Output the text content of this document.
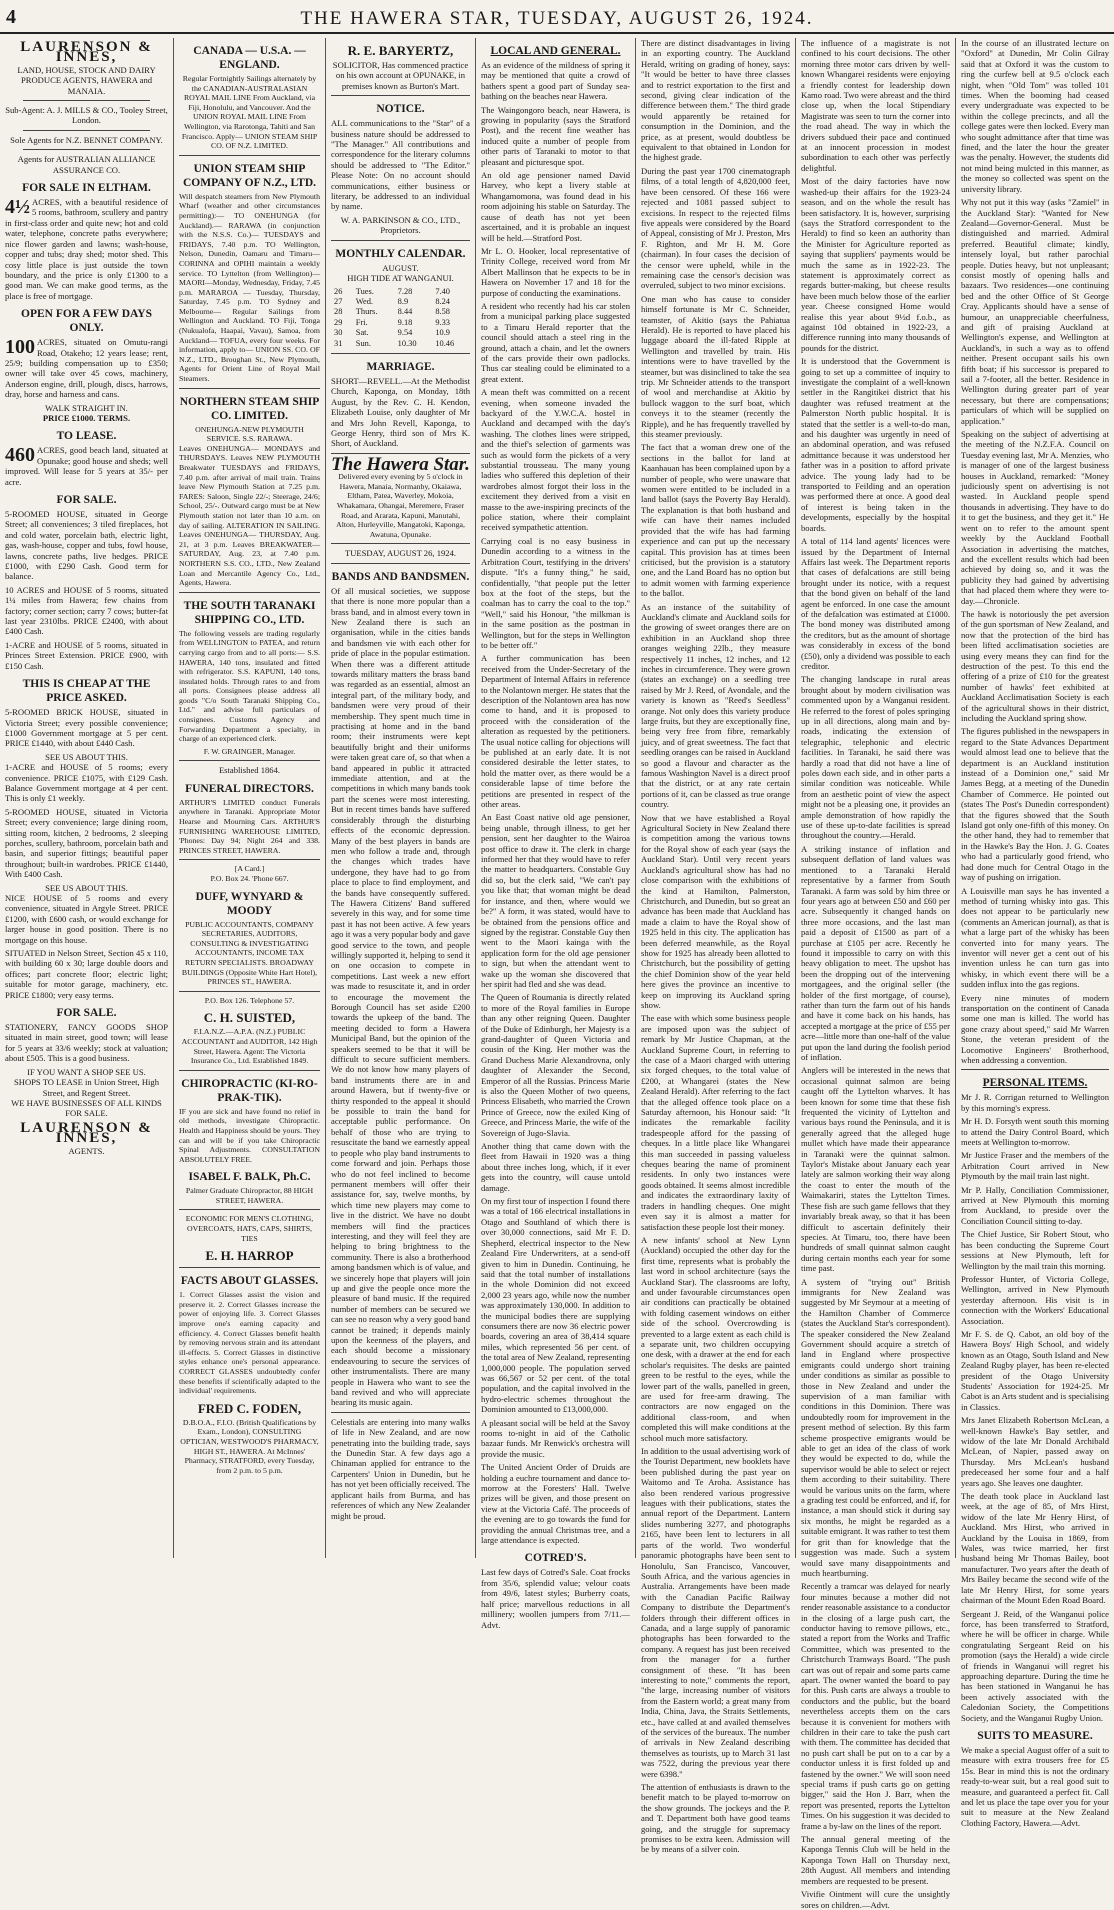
4	THE HAWERA STAR, TUESDAY, AUGUST 26, 1924.
LAURENSON & INNES,
LAND, HOUSE, STOCK AND DAIRY PRODUCE AGENTS, HAWERA and MANAIA.
Sub-Agent: A. J. MILLS & CO., Tooley Street, London.
Sole Agents for N.Z. BENNET COMPANY.
Agents for AUSTRALIAN ALLIANCE ASSURANCE CO.
FOR SALE IN ELTHAM.

4½ ACRES, with a beautiful residence of 5 rooms, bathroom, scullery and pantry in first-class order and quite new; hot and cold water, telephone, concrete paths everywhere; nice flower garden and lawns; wash-house, copper and tubs; dray shed; motor shed. This cosy little place is just outside the town boundary, and the price is only £1300 to a good man. We can make good terms, as the place is free of mortgage.

OPEN FOR A FEW DAYS ONLY.

100 ACRES, situated on Omutu-rangi Road, Otakeho; 12 years lease; rent, 25/9; building compensation up to £350; owner will take over 45 cows, machinery, Anderson engine, drill, plough, discs, harrows, dray, horse and harness and cans.

WALK STRAIGHT IN.
PRICE £1000. TERMS.
TO LEASE.

460 ACRES, good beach land, situated at Opunake; good house and sheds; well improved. Will lease for 5 years at 35/- per acre.

FOR SALE.

5-ROOMED HOUSE, situated in George Street; all conveniences; 3 tiled fireplaces, hot and cold water, porcelain bath, electric light, gas, wash-house, copper and tubs, fowl house, lawns, concrete paths, live hedges. PRICE £1000, with £290 Cash. Good term for balance.

10 ACRES and HOUSE of 5 rooms, situated 1¼ miles from Hawera; few chains from factory; corner section; carry 7 cows; butter-fat last year 2310lbs. PRICE £2400, with about £400 Cash.

1-ACRE and HOUSE of 5 rooms, situated in Princes Street Extension. PRICE £900, with £150 Cash.

THIS IS CHEAP AT THE PRICE ASKED.

5-ROOMED BRICK HOUSE, situated in Victoria Street; every possible convenience; £1000 Government mortgage at 5 per cent. PRICE £1440, with about £440 Cash.

SEE US ABOUT THIS.

1-ACRE and HOUSE of 5 rooms; every convenience. PRICE £1075, with £129 Cash. Balance Government mortgage at 4 per cent. This is only £1 weekly.

5-ROOMED HOUSE, situated in Victoria Street; every convenience; large dining room, sitting room, kitchen, 2 bedrooms, 2 sleeping porches, scullery, bathroom, porcelain bath and basin, and superior fittings; beautiful paper throughout; built-in wardrobes. PRICE £1440, With £400 Cash.

SEE US ABOUT THIS.

NICE HOUSE of 5 rooms and every convenience, situated in Argyle Street. PRICE £1200, with £600 cash, or would exchange for larger house in good position. There is no mortgage on this house.

SITUATED in Nelson Street, Section 45 x 110, with building 60 x 30; large double doors and offices; part concrete floor; electric light; suitable for motor garage, machinery, etc. PRICE £1800; very easy terms.

FOR SALE.

STATIONERY, FANCY GOODS SHOP situated in main street, good town; will lease for 5 years at 33/6 weekly; stock at valuation; about £505. This is a good business.

IF YOU WANT A SHOP SEE US.
SHOPS TO LEASE in Union Street, High Street, and Regent Street.
WE HAVE BUSINESSES OF ALL KINDS FOR SALE.
LAURENSON & INNES,
AGENTS.
CANADA — U.S.A. — ENGLAND.
Regular Fortnightly Sailings alternately by the CANADIAN-AUSTRALASIAN ROYAL MAIL LINE From Auckland, via Fiji, Honolulu, and Vancouver. And the UNION ROYAL MAIL LINE From Wellington, via Rarotonga, Tahiti and San Francisco. Apply— UNION STEAM SHIP CO. OF N.Z. LIMITED.
UNION STEAM SHIP COMPANY OF N.Z., LTD.

Will despatch steamers from New Plymouth Wharf (weather and other circumstances permitting):— TO ONEHUNGA (for Auckland).— RARAWA (in conjunction with the N.S.S. Co.)— TUESDAYS and FRIDAYS, 7.40 p.m. TO Wellington, Nelson, Dunedin, Oamaru and Timaru— CORINNA and OPIHI maintain a weekly service. TO Lyttelton (from Wellington)— MAORI—Monday, Wednesday, Friday, 7.45 p.m. MARAROA — Tuesday, Thursday, Saturday, 7.45 p.m. TO Sydney and Melbourne— Regular Sailings from Wellington and Auckland. TO Fiji, Tonga (Nukualofa, Haapai, Vavau), Samoa, from Auckland— TOFUA, every four weeks. For information, apply to— UNION SS. CO. OF N.Z., LTD., Broughan St., New Plymouth, Agents for Orient Line of Royal Mail Steamers.

NORTHERN STEAM SHIP CO. LIMITED.
ONEHUNGA-NEW PLYMOUTH SERVICE. S.S. RARAWA.

Leaves ONEHUNGA— MONDAYS and THURSDAYS. Leaves NEW PLYMOUTH Breakwater TUESDAYS and FRIDAYS, 7.40 p.m. after arrival of mail train. Trains leave New Plymouth Station at 7.25 p.m. FARES: Saloon, Single 22/-; Steerage, 24/6; School, 25/-. Outward cargo must be at New Plymouth station not later than 10 a.m. on day of sailing. ALTERATION IN SAILING. Leaves ONEHUNGA— THURSDAY, Aug. 21, at 3 p.m. Leaves BREAKWATER— SATURDAY, Aug. 23, at 7.40 p.m. NORTHERN S.S. CO., LTD., New Zealand Loan and Mercantile Agency Co., Ltd., Agents, Hawera.

THE SOUTH TARANAKI SHIPPING CO., LTD.

The following vessels are trading regularly from WELLINGTON to PATEA, and return carrying cargo from and to all ports:— S.S. HAWERA, 140 tons, insulated and fitted with refrigerator. S.S. KAPUNI, 140 tons, insulated holds. Through rates to and from all ports. Consignees please address all goods "C/o South Taranaki Shipping Co., Ltd." and advise full particulars of consignees. Customs Agency and Forwarding Department a specialty, in charge of an experienced clerk.

F. W. GRAINGER, Manager.
Established 1864.
FUNERAL DIRECTORS.

ARTHUR'S LIMITED conduct Funerals anywhere in Taranaki. Appropriate Motor Hearse and Mourning Cars. ARTHUR'S FURNISHING WAREHOUSE LIMITED, 'Phones: Day 94; Night 264 and 338. PRINCES STREET, HAWERA.

[A Card.]
P.O. Box 24. 'Phone 667.
DUFF, WYNYARD & MOODY
PUBLIC ACCOUNTANTS, COMPANY SECRETARIES, AUDITORS, CONSULTING & INVESTIGATING ACCOUNTANTS, INCOME TAX RETURN SPECIALISTS. BROADWAY BUILDINGS (Opposite White Hart Hotel), PRINCES ST., HAWERA.
P.O. Box 126. Telephone 57.
C. H. SUISTED,
F.I.A.N.Z.—A.P.A. (N.Z.) PUBLIC ACCOUNTANT and AUDITOR, 142 High Street, Hawera. Agent: The Victoria Insurance Co., Ltd. Established 1849.
CHIROPRACTIC (KI-RO-PRAK-TIK).

IF you are sick and have found no relief in old methods, investigate Chiropractic. Health and Happiness should be yours. They can and will be if you take Chiropractic Spinal Adjustments. CONSULTATION ABSOLUTELY FREE.

ISABEL F. BALK, Ph.C.
Palmer Graduate Chiropractor, 88 HIGH STREET, HAWERA.
ECONOMIC FOR MEN'S CLOTHING, OVERCOATS, HATS, CAPS, SHIRTS, TIES
E. H. HARROP
FACTS ABOUT GLASSES.

1. Correct Glasses assist the vision and preserve it. 2. Correct Glasses increase the power of enjoying life. 3. Correct Glasses improve one's earning capacity and efficiency. 4. Correct Glasses benefit health by removing nervous strain and its attendant ill-effects. 5. Correct Glasses in distinctive styles enhance one's personal appearance. CORRECT GLASSES undoubtedly confer these benefits if scientifically adapted to the individual' requirements.

FRED C. FODEN,
D.B.O.A., F.I.O. (British Qualifications by Exam., London), CONSULTING OPTICIAN, WESTWOOD'S PHARMACY, HIGH ST., HAWERA. At McInnes' Pharmacy, STRATFORD, every Tuesday, from 2 p.m. to 5 p.m.
R. E. BARYERTZ,
SOLICITOR, Has commenced practice on his own account at OPUNAKE, in premises known as Burton's Mart.
NOTICE.

ALL communications to the "Star" of a business nature should be addressed to "The Manager." All contributions and correspondence for the literary columns should be addressed to "The Editor." Please Note: On no account should communications, either business or literary, be addressed to an individual by name.

W. A. PARKINSON & CO., LTD., Proprietors.
MONTHLY CALENDAR.
AUGUST.
HIGH TIDE AT WANGANUI.
26	Tues.	7.28	7.40
27	Wed.	8.9	8.24
28	Thurs.	8.44	8.58
29	Fri.	9.18	9.33
30	Sat.	9.54	10.9
31	Sun.	10.30	10.46
MARRIAGE.

SHORT—REVELL.—At the Methodist Church, Kaponga, on Monday, 18th August, by the Rev. C. H. Kendon, Elizabeth Louise, only daughter of Mr and Mrs John Revell, Kaponga, to George Henry, third son of Mrs K. Short, of Auckland.

The Hawera Star.
Delivered every evening by 5 o'clock in Hawera, Manaia, Normanby, Okaiawa, Eltham, Patea, Waverley, Mokoia, Whakamara, Ohangai, Meremere, Fraser Road, and Ararata, Kapuni, Manutahi, Alton, Hurleyville, Mangatoki, Kaponga, Awatuna, Opunake.
TUESDAY, AUGUST 26, 1924.
BANDS AND BANDSMEN.

Of all musical societies, we suppose that there is none more popular than a brass band, and in almost every town in New Zealand there is such an organisation, while in the cities bands and bandsmen vie with each other for pride of place in the popular estimation. When there was a different attitude towards military matters the brass band was regarded as an essential, almost an integral part, of the military body, and bandsmen were very proud of their membership. They spent much time in practising at home and in the band room; their instruments were kept beautifully bright and their uniforms were taken great care of, so that when a band appeared in public it attracted immediate attention, and at the competitions in which many bands took part the scenes were most interesting. But in recent times bands have suffered considerably through the disturbing effects of the economic depression. Many of the best players in bands are men who follow a trade and, through the changes which trades have undergone, they have had to go from place to place to find employment, and the bands have consequently suffered. The Hawera Citizens' Band suffered severely in this way, and for some time past it has not been active. A few years ago it was a very popular body and gave good service to the town, and people willingly supported it, helping to send it on one occasion to compete in competitions. Last week a new effort was made to resuscitate it, and in order to encourage the movement the Borough Council has set aside £200 towards the upkeep of the band. The meeting decided to form a Hawera Municipal Band, but the opinion of the speakers seemed to be that it will be difficult to secure sufficient members. We do not know how many players of band instruments there are in and around Hawera, but if twenty-five or thirty responded to the appeal it should be possible to train the band for acceptable public performance. On behalf of those who are trying to resuscitate the band we earnestly appeal to people who play band instruments to come forward and join. Perhaps those who do not feel inclined to become permanent members will offer their assistance for, say, twelve months, by which time new players may come to live in the district. We have no doubt members will find the practices interesting, and they will feel they are helping to bring brightness to the community. There is also a brotherhood among bandsmen which is of value, and we sincerely hope that players will join up and give the people once more the pleasure of band music. If the required number of members can be secured we can see no reason why a very good band cannot be trained; it depends mainly upon the keenness of the players, and each should become a missionary endeavouring to secure the services of other instrumentalists. There are many people in Hawera who want to see the band revived and who will appreciate hearing its music again.

Celestials are entering into many walks of life in New Zealand, and are now penetrating into the building trade, says the Dunedin Star. A few days ago a Chinaman applied for entrance to the Carpenters' Union in Dunedin, but he has not yet been officially received. The applicant hails from Burma, and has references of which any New Zealander might be proud.

LOCAL AND GENERAL.

As an evidence of the mildness of spring it may be mentioned that quite a crowd of bathers spent a good part of Sunday sea-bathing on the beaches near Hawera.

The Waingongoro beach, near Hawera, is growing in popularity (says the Stratford Post), and the recent fine weather has induced quite a number of people from other parts of Taranaki to motor to that pleasant and picturesque spot.

An old age pensioner named David Harvey, who kept a livery stable at Whangamomona, was found dead in his room adjoining his stable on Saturday. The cause of death has not yet been ascertained, and it is probable an inquest will be held.—Stratford Post.

Mr L. O. Hooker, local representative of Trinity College, received word from Mr Albert Mallinson that he expects to be in Hawera on November 17 and 18 for the purpose of conducting the examinations.

A resident who recently had his car stolen from a municipal parking place suggested to a Timaru Herald reporter that the council should attach a steel ring in the ground, attach a chain, and let the owners of the cars provide their own padlocks. Thus car stealing could be eliminated to a great extent.

A mean theft was committed on a recent evening, when someone invaded the backyard of the Y.W.C.A. hostel in Auckland and decamped with the day's washing. The clothes lines were stripped, and the thief's selection of garments was such as would form the pickets of a very substantial trousseau. The many young ladies who suffered this depletion of their wardrobes almost forgot their loss in the excitement they derived from a visit en masse to the awe-inspiring precincts of the police station, where their complaint received sympathetic attention.

Carrying coal is no easy business in Dunedin according to a witness in the Arbitration Court, testifying in the drivers' dispute. "It's a funny thing," he said, confidentially, "that people put the letter box at the foot of the steps, but the coalman has to carry the coal to the top." "Well," said his Honour, "the milkman is in the same position as the postman in Wellington, but for the steps in Wellington to be better off."

A further communication has been received from the Under-Secretary of the Department of Internal Affairs in reference to the Nolantown merger. He states that the description of the Nolantown area has now come to hand, and it is proposed to proceed with the consideration of the alteration as requested by the petitioners. The usual notice calling for objections will be published at an early date. It is not considered desirable the letter states, to hold the matter over, as there would be a considerable lapse of time before the petitions are presented in respect of the other areas.

An East Coast native old age pensioner, being unable, through illness, to get her pension, sent her daughter to the Wairoa post office to draw it. The clerk in charge informed her that they would have to refer the matter to headquarters. Constable Guy did so, but the clerk said, "We can't pay you like that; that woman might be dead for instance, and then, where would we be?" A form, it was stated, would have to be obtained from the pensions office and signed by the registrar. Constable Guy then went to the Maori kainga with the application form for the old age pensioner to sign, but when the attendant went to wake up the woman she discovered that her spirit had fled and she was dead.

The Queen of Roumania is directly related to more of the Royal families in Europe than any other reigning Queen. Daughter of the Duke of Edinburgh, her Majesty is a grand-daughter of Queen Victoria and cousin of the King. Her mother was the Grand Duchess Marie Alexandrovna, only daughter of Alexander the Second, Emperor of all the Russias. Princess Marie is also the Queen Mother of two queens, Princess Elisabeth, who married the Crown Prince of Greece, now the exiled King of Greece, and Princess Marie, the wife of the Sovereign of Jugo-Slavia.

Another thing that came down with the fleet from Hawaii in 1920 was a thing about three inches long, which, if it ever gets into the country, will cause untold damage.

On my first tour of inspection I found there was a total of 166 electrical installations in Otago and Southland of which there is over 30,000 connections, said Mr F. D. Shepherd, electrical inspector to the New Zealand Fire Underwriters, at a send-off given to him in Dunedin. Continuing, he said that the total number of installations in the whole Dominion did not exceed 2,000 23 years ago, while now the number was approximately 130,000. In addition to the municipal bodies there are supplying consumers there are now 36 electric power boards, covering an area of 38,414 square miles, which represented 56 per cent. of the total area of New Zealand, representing 1,000,000 people. The population served was 66,567 or 52 per cent. of the total population, and the capital involved in the hydro-electric schemes throughout the Dominion amounted to £13,000,000.

A pleasant social will be held at the Savoy rooms to-night in aid of the Catholic bazaar funds. Mr Renwick's orchestra will provide the music.

The United Ancient Order of Druids are holding a euchre tournament and dance to-morrow at the Foresters' Hall. Twelve prizes will be given, and those present on view at the Victoria Café. The proceeds of the evening are to go towards the fund for providing the annual Christmas tree, and a large attendance is expected.

COTRED'S.

Last few days of Cotred's Sale. Coat frocks from 35/6, splendid value; velour coats from 49/6, latest styles; Burberry coats, half price; marvellous reductions in all millinery; woollen jumpers from 7/11.—Advt.

There are distinct disadvantages in living in an exporting country. The Auckland Herald, writing on grading of honey, says: "It would be better to have three classes and to restrict exportation to the first and second, giving clear indication of the difference between them." The third grade would apparently be retained for consumption in the Dominion, and the price, as at present, would doubtless be equivalent to that obtained in London for the highest grade.

During the past year 1700 cinematograph films, of a total length of 4,820,000 feet, have been censored. Of these 166 were rejected and 1081 passed subject to excisions. In respect to the rejected films five appeals were considered by the Board of Appeal, consisting of Mr J. Preston, Mrs F. Righton, and Mr H. M. Gore (chairman). In four cases the decision of the censor were upheld, while in the remaining case the censor's decision was overruled, subject to two minor excisions.

One man who has cause to consider himself fortunate is Mr C. Schneider, teamster, of Akitio (says the Pahiatua Herald). He is reported to have placed his luggage aboard the ill-fated Ripple at Wellington and travelled by train. His intentions were to have travelled by the steamer, but was disinclined to take the sea trip. Mr Schneider attends to the transport of wool and merchandise at Akitio by bullock waggon to the surf boat, which conveys it to the steamer (recently the Ripple), and he has frequently travelled by this steamer previously.

The fact that a woman drew one of the sections in the ballot for land at Kaanhauan has been complained upon by a number of people, who were unaware that women were entitled to be included in a land ballot (says the Poverty Bay Herald). The explanation is that both husband and wife can have their names included provided that the wife has had farming experience and can put up the necessary capital. This provision has at times been criticised, but the provision is a statutory one, and the Land Board has no option but to admit women with farming experience to the ballot.

As an instance of the suitability of Auckland's climate and Auckland soils for the growing of sweet oranges there are on exhibition in an Auckland shop three oranges weighing 22lb., they measure respectively 11 inches, 12 inches, and 12 inches in circumference. They were grown (states an exchange) on a seedling tree raised by Mr J. Reed, of Avondale, and the variety is known as "Reed's Seedless" orange. Not only does this variety produce large fruits, but they are exceptionally fine, being very free from fibre, remarkably juicy, and of great sweetness. The fact that seedling oranges can be raised in Auckland so good a flavour and character as the famous Washington Navel is a direct proof that the district, or at any rate certain portions of it, can be classed as true orange country.

Now that we have established a Royal Agricultural Society in New Zealand there is competition among the various towns for the Royal show of each year (says the Auckland Star). Until very recent years Auckland's agricultural show has had no close comparison with the exhibitions of the kind at Hamilton, Palmerston, Christchurch, and Dunedin, but so great an advance has been made that Auckland has made a claim to have the Royal show of 1925 held in this city. The application has been deferred meanwhile, as the Royal show for 1925 has already been allotted to Christchurch, but the possibility of getting the chief Dominion show of the year held here gives the province an incentive to keep on improving its Auckland spring show.

The ease with which some business people are imposed upon was the subject of remark by Mr Justice Chapman, at the Auckland Supreme Court, in referring to the case of a Maori charged with uttering six forged cheques, to the total value of £200, at Whangarei (states the New Zealand Herald). After referring to the fact that the alleged offence took place on a Saturday afternoon, his Honour said: "It indicates the remarkable facility tradespeople afford for the passing of cheques. In a little place like Whangarei this man succeeded in passing valueless cheques bearing the name of prominent residents. In only two instances were goods obtained. It seems almost incredible and indicates the extraordinary laxity of traders in handling cheques. One might even say it is almost a matter for satisfaction these people lost their money.

A new infants' school at New Lynn (Auckland) occupied the other day for the first time, represents what is probably the last word in school architecture (says the Auckland Star). The classrooms are lofty, and under favourable circumstances open air conditions can practically be obtained with folding casement windows on either side of the school. Overcrowding is prevented to a large extent as each child is a separate unit, two children occupying one desk, with a drawer at the end for each scholar's requisites. The desks are painted green to be restful to the eyes, while the lower part of the walls, panelled in green, are used for free-arm drawing. The contractors are now engaged on the additional class-room, and when completed this will make conditions at the school much more satisfactory.

In addition to the usual advertising work of the Tourist Department, new booklets have been published during the past year on Waitomo and Te Aroha. Assistance has also been rendered various progressive leagues with their publications, states the annual report of the Department. Lantern slides numbering 3277, and photographs 2165, have been lent to lecturers in all parts of the world. Two wonderful panoramic photographs have been sent to Honolulu, San Francisco, Vancouver, South Africa, and the various agencies in Australia. Arrangements have been made with the Canadian Pacific Railway Company to distribute the Department's folders through their different offices in Canada, and a large supply of panoramic photographs has been forwarded to the company. A request has just been received from the manager for a further consignment of these. "It has been interesting to note," comments the report, "the large, increasing number of visitors from the Eastern world; a great many from India, China, Java, the Straits Settlements, etc., have called at and availed themselves of the services of the bureaux. The number of arrivals in New Zealand describing themselves as tourists, up to March 31 last was 7522, during the previous year there were 6398."

The attention of enthusiasts is drawn to the benefit match to be played to-morrow on the show grounds. The jockeys and the P. and T. Department both have good teams going, and the struggle for supremacy promises to be extra keen. Admission will be by means of a silver coin.

The influence of a magistrate is not confined to his court decisions. The other morning three motor cars driven by well-known Whangarei residents were enjoying a friendly contest for leadership down Kamo road. Two were abreast and the third close up, when the local Stipendiary Magistrate was seen to turn the corner into the road ahead. The way in which the drivers subdued their pace and continued at an innocent procession in modest subordination to each other was perfectly delightful.

Most of the dairy factories have now washed-up their affairs for the 1923-24 season, and on the whole the result has been satisfactory. It is, however, surprising (says the Stratford correspondent to the Herald) to find so keen an authority than the Minister for Agriculture reported as saying that suppliers' payments would be much the same as in 1922-23. The statement is approximately correct as regards butter-making, but cheese results have been much below those of the earlier year. Cheese consigned Home would realise this year about 9½d f.o.b., as against 10d obtained in 1922-23, a difference running into many thousands of pounds for the district.

It is understood that the Government is going to set up a committee of inquiry to investigate the complaint of a well-known settler in the Rangitikei district that his daughter was refused treatment at the Palmerston North public hospital. It is stated that the settler is a well-to-do man, and his daughter was urgently in need of an abdominal operation, and was refused admittance because it was understood her father was in a position to afford private advice. The young lady had to be transported to Feilding and an operation was performed there at once. A good deal of interest is being taken in the developments, especially by the hospital boards.

A total of 114 land agents' licences were issued by the Department of Internal Affairs last week. The Department reports that cases of defalcations are still being brought under its notice, with a request that the bond given on behalf of the land agent be enforced. In one case the amount of the defalcation was estimated at £1000. The bond money was distributed among the creditors, but as the amount of shortage was considerably in excess of the bond (£50), only a dividend was possible to each creditor.

The changing landscape in rural areas brought about by modern civilisation was commented upon by a Wanganui resident. He referred to the forest of poles springing up in all directions, along main and by-roads, indicating the extension of telegraphic, telephonic and electric facilities. In Taranaki, he said there was hardly a road that did not have a line of poles down each side, and in other parts a similar condition was noticeable. While from an aesthetic point of view the aspect might not be a pleasing one, it provides an ample demonstration of how rapidly the use of these up-to-date facilities is spread throughout the country.—Herald.

A striking instance of inflation and subsequent deflation of land values was mentioned to a Taranaki Herald representative by a farmer from South Taranaki. A farm was sold by him three or four years ago at between £50 and £60 per acre. Subsequently it changed hands on three more occasions, and the last man paid a deposit of £1500 as part of a purchase at £105 per acre. Recently he found it impossible to carry on with this heavy obligation to meet. The upshot has been the dropping out of the intervening mortgagees, and the original seller (the holder of the first mortgage, of course), rather than turn the farm out of his hands and have it come back on his hands, has accepted a mortgage at the price of £55 per acre—little more than one-half of the value put upon the land during the foolish period of inflation.

Anglers will be interested in the news that occasional quinnat salmon are being caught off the Lyttelton wharves. It has been known for some time that these fish frequented the vicinity of Lyttelton and various bays round the Peninsula, and it is generally agreed that the alleged huge mullet which have made their appearance in Taranaki were the quinnat salmon. Taylor's Mistake about January each year lately are salmon working their way along the coast to enter the mouth of the Waimakariri, states the Lyttelton Times. These fish are such game fellows that they invariably break away, so that it has been difficult to ascertain definitely their species. At Timaru, too, there have been hundreds of small quinnat salmon caught during certain months each year for some time past.

A system of "trying out" British immigrants for New Zealand was suggested by Mr Seymour at a meeting of the Hamilton Chamber of Commerce (states the Auckland Star's correspondent). The speaker considered the New Zealand Government should acquire a stretch of land in England where prospective emigrants could undergo short training under conditions as similar as possible to those in New Zealand and under the supervision of a man familiar with conditions in this Dominion. There was undoubtedly room for improvement in the present method of selection. By this farm scheme prospective emigrants would be able to get an idea of the class of work they would be expected to do, while the supervisor would be able to select or reject them according to their suitability. There would be various units on the farm, where a grading test could be enforced, and if, for instance, a man should stick it during say six months, he might be regarded as a suitable emigrant. It was rather to test them for grit than for knowledge that the suggestion was made. Such a system would save many disappointments and much heartburning.

Recently a tramcar was delayed for nearly four minutes because a mother did not render reasonable assistance to a conductor in the closing of a large push cart, the conductor having to remove pillows, etc., stated a report from the Works and Traffic Committee, which was presented to the Christchurch Tramways Board. "The push cart was out of repair and some parts came apart. The owner wanted the board to pay for this. Push carts are always a trouble to conductors and the public, but the board nevertheless accepts them on the cars because it is convenient for mothers with children in their care to take the push cart with them. The committee has decided that no push cart shall be put on to a car by a conductor unless it is first folded up and fastened by the owner." We will soon need special trams if push carts go on getting bigger," said the Hon J. Barr, when the report was presented, reports the Lyttelton Times. On his suggestion it was decided to frame a by-law on the lines of the report.

The annual general meeting of the Kaponga Tennis Club will be held in the Kaponga Town Hall on Thursday next, 28th August. All members and intending members are requested to be present.

Vivifie Ointment will cure the unsightly sores on children.—Advt.

In the course of an illustrated lecture on "Oxford" at Dunedin, Mr Colin Gilray said that at Oxford it was the custom to ring the curfew bell at 9.5 o'clock each night, when "Old Tom" was tolled 101 times. When the booming had ceased every undergraduate was expected to be within the college precincts, and all the college gates were then locked. Every man who sought admittance after that time was fined, and the later the hour the greater was the penalty. However, the students did not mind being mulcted in this manner, as the money so collected was spent on the university library.

Why not put it this way (asks "Zamiel" in the Auckland Star): "Wanted for New Zealand—Governor-General. Must be distinguished and married. Admiral preferred. Beautiful climate; kindly, intensely loyal, but rather parochial people. Duties heavy, but not unpleasant; consist mostly of opening halls and bazaars. Two residences—one continuing bed and the other Office of St George Cray. Applicants should have a sense of humour, an unappreciable cheerfulness, and gift of praising Auckland at Wellington's expense, and Wellington at Auckland's, in such a way as to offend neither. Present occupant sails his own fifth boat; if his successor is prepared to sail a 7-footer, all the better. Residence in Wellington during greater part of year necessary, but there are compensations; particulars of which will be supplied on application."

Speaking on the subject of advertising at the meeting of the N.Z.F.A. Council on Tuesday evening last, Mr A. Menzies, who is manager of one of the largest business houses in Auckland, remarked: "Money judiciously spent on advertising is not wasted. In Auckland people spend thousands in advertising. They have to do it to get the business, and they get it." He went on to refer to the amount spent weekly by the Auckland Football Association in advertising the matches, and the excellent results which had been achieved by doing so, and it was the publicity they had gained by advertising that had placed them where they were to-day.—Chronicle.

The hawk is notoriously the pet aversion of the gun sportsman of New Zealand, and now that the protection of the bird has been lifted acclimatisation societies are using every means they can find for the destruction of the pest. To this end the offering of a prize of £10 for the greatest number of hawks' feet exhibited at Auckland Acclimatisation Society is each of the agricultural shows in their district, including the Auckland spring show.

The figures published in the newspapers in regard to the State Advances Department would almost lead one to believe that the department is an Auckland institution instead of a Dominion one," said Mr James Begg, at a meeting of the Dunedin Chamber of Commerce. He pointed out (states The Post's Dunedin correspondent) that the figures showed that the South Island got only one-fifth of this money. On the other hand, they had to remember that in the Hawke's Bay the Hon. J. G. Coates who had a particularly good friend, who had done much for Central Otago in the way of pushing on irrigation.

A Louisville man says he has invented a method of turning whisky into gas. This does not appear to be particularly new (comments an American journal), as that is what a large part of the whisky has been converted into for many years. The inventor will never get a cent out of his invention unless he can turn gas into whisky, in which event there will be a sudden influx into the gas regions.

Every nine minutes of modern transportation on the continent of Canada some one man is killed. The world has gone crazy about speed," said Mr Warren Stone, the veteran president of the Locomotive Engineers' Brotherhood, when addressing a convention.

PERSONAL ITEMS.

Mr J. R. Corrigan returned to Wellington by this morning's express.

Mr H. D. Forsyth went south this morning to attend the Dairy Control Board, which meets at Wellington to-morrow.

Mr Justice Fraser and the members of the Arbitration Court arrived in New Plymouth by the mail train last night.

Mr P. Hally, Conciliation Commissioner, arrived at New Plymouth this morning from Auckland, to preside over the Conciliation Council sitting to-day.

The Chief Justice, Sir Robert Stout, who has been conducting the Supreme Court sessions at New Plymouth, left for Wellington by the mail train this morning.

Professor Hunter, of Victoria College, Wellington, arrived in New Plymouth yesterday afternoon. His visit is in connection with the Workers' Educational Association.

Mr F. S. de Q. Cabot, an old boy of the Hawera Boys' High School, and widely known as an Otago, South Island and New Zealand Rugby player, has been re-elected president of the Otago University Students' Association for 1924-25. Mr Cabot is an Arts student and is specialising in Classics.

Mrs Janet Elizabeth Robertson McLean, a well-known Hawke's Bay settler, and widow of the late Mr Donald Archibald McLean, of Napier, passed away on Thursday. Mrs McLean's husband predeceased her some four and a half years ago. She leaves one daughter.

The death took place in Auckland last week, at the age of 85, of Mrs Hirst, widow of the late Mr Henry Hirst, of Auckland. Mrs Hirst, who arrived in Auckland by the Louisa in 1869, from Wales, was twice married, her first husband being Mr Thomas Bailey, boot manufacturer. Two years after the death of Mrs Bailey became the second wife of the late Mr Henry Hirst, for some years chairman of the Mount Eden Road Board.

Sergeant J. Reid, of the Wanganui police force, has been transferred to Stratford, where he will be officer in charge. While congratulating Sergeant Reid on his promotion (says the Herald) a wide circle of friends in Wanganui will regret his approaching departure. During the time he has been stationed in Wanganui he has been actively associated with the Caledonian Society, the Competitions Society, and the Wanganui Rugby Union.

SUITS TO MEASURE.

We make a special August offer of a suit to measure with extra trousers free for £5 15s. Bear in mind this is not the ordinary ready-to-wear suit, but a real good suit to measure, and guaranteed a perfect fit. Call and let us place the tape over you for your suit to measure at the New Zealand Clothing Factory, Hawera.—Advt.
